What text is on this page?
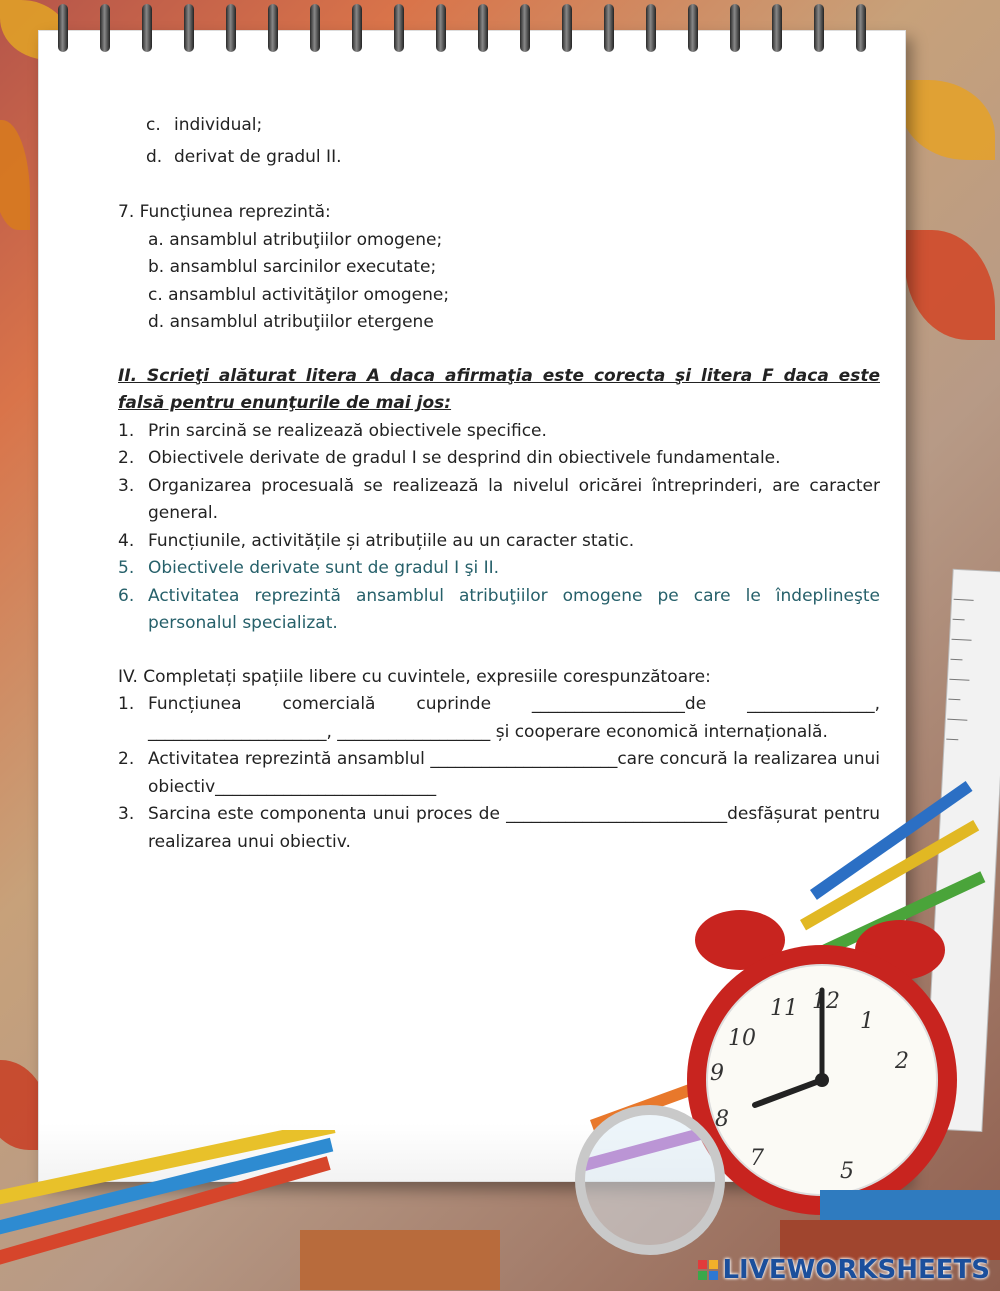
c. individual;

d. derivat de gradul II.

7. Funcţiunea reprezintă:

a. ansamblul atribuţiilor omogene;

b. ansamblul sarcinilor executate;

c. ansamblul activităţilor omogene;

d. ansamblul atribuţiilor etergene

II. Scrieţi alăturat litera A daca afirmaţia este corecta şi litera F daca este falsă pentru enunţurile de mai jos:

1. Prin sarcină se realizează obiectivele specifice.
2. Obiectivele derivate de gradul I se desprind din obiectivele fundamentale.
3. Organizarea procesuală se realizează la nivelul oricărei întreprinderi, are caracter general.
4. Funcțiunile, activitățile și atribuțiile au un caracter static.
5. Obiectivele derivate sunt de gradul I şi II.
6. Activitatea reprezintă ansamblul atribuţiilor omogene pe care le îndeplineşte personalul specializat.

IV. Completați spațiile libere cu cuvintele, expresiile corespunzătoare:

1. Funcțiunea comercială cuprinde __________________de _______________, _____________________, __________________ și cooperare economică internațională.
2. Activitatea reprezintă ansamblul ______________________care concură la realizarea unui obiectiv__________________________
3. Sarcina este componenta unui proces de __________________________desfășurat pentru realizarea unui obiectiv.
11 12
1
2
10
9
8
7
5
LIVEWORKSHEETS
